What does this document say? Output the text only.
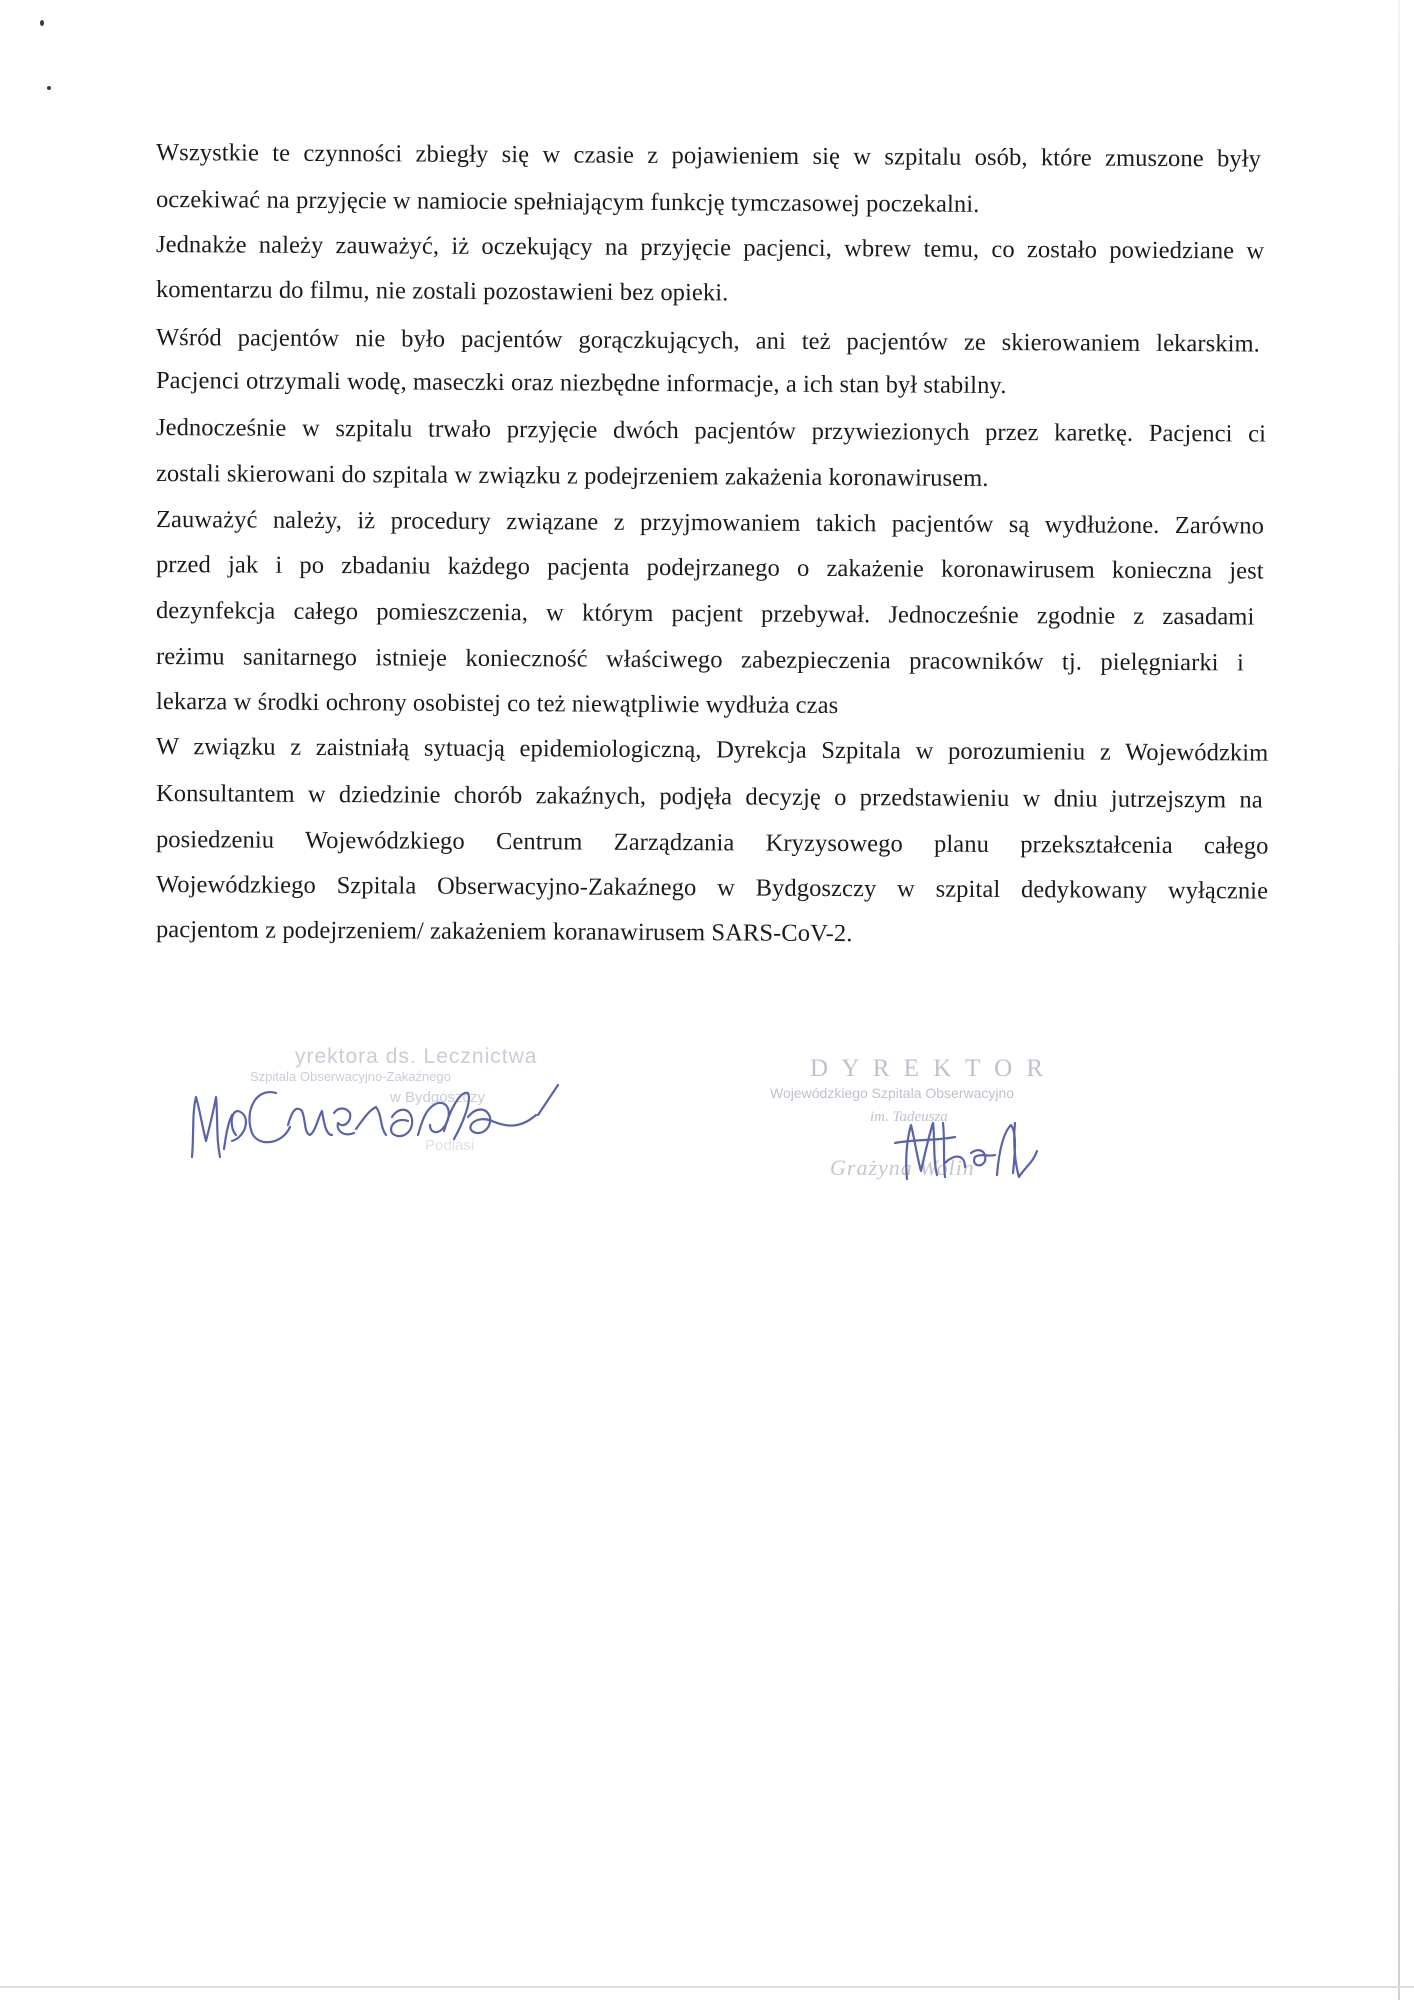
Wszystkie te czynności zbiegły się w czasie z pojawieniem się w szpitalu osób, które zmuszone były
oczekiwać na przyjęcie w namiocie spełniającym funkcję tymczasowej poczekalni.
Jednakże należy zauważyć, iż oczekujący na przyjęcie pacjenci, wbrew temu, co zostało powiedziane w
komentarzu do filmu, nie zostali pozostawieni bez opieki.
Wśród pacjentów nie było pacjentów gorączkujących, ani też pacjentów ze skierowaniem lekarskim.
Pacjenci otrzymali wodę, maseczki oraz niezbędne informacje, a ich stan był stabilny.
Jednocześnie w szpitalu trwało przyjęcie dwóch pacjentów przywiezionych przez karetkę. Pacjenci ci
zostali skierowani do szpitala w związku z podejrzeniem zakażenia koronawirusem.
Zauważyć należy, iż procedury związane z przyjmowaniem takich pacjentów są wydłużone. Zarówno
przed jak i po zbadaniu każdego pacjenta podejrzanego o zakażenie koronawirusem konieczna jest
dezynfekcja całego pomieszczenia, w którym pacjent przebywał. Jednocześnie zgodnie z zasadami
reżimu sanitarnego istnieje konieczność właściwego zabezpieczenia pracowników tj. pielęgniarki i
lekarza w środki ochrony osobistej co też niewątpliwie wydłuża czas
W związku z zaistniałą sytuacją epidemiologiczną, Dyrekcja Szpitala w porozumieniu z Wojewódzkim
Konsultantem w dziedzinie chorób zakaźnych, podjęła decyzję o przedstawieniu w dniu jutrzejszym na
posiedzeniu Wojewódzkiego Centrum Zarządzania Kryzysowego planu przekształcenia całego
Wojewódzkiego Szpitala Obserwacyjno-Zakaźnego w Bydgoszczy w szpital dedykowany wyłącznie
pacjentom z podejrzeniem/ zakażeniem koranawirusem SARS-CoV-2.
yrektora ds. Lecznictwa
Szpitala Obserwacyjno-Zakaźnego
w Bydgoszczy
Podlasi
D Y R E K T O R
Wojewódzkiego Szpitala Obserwacyjno
im. Tadeusza
Grażyna Wolin
